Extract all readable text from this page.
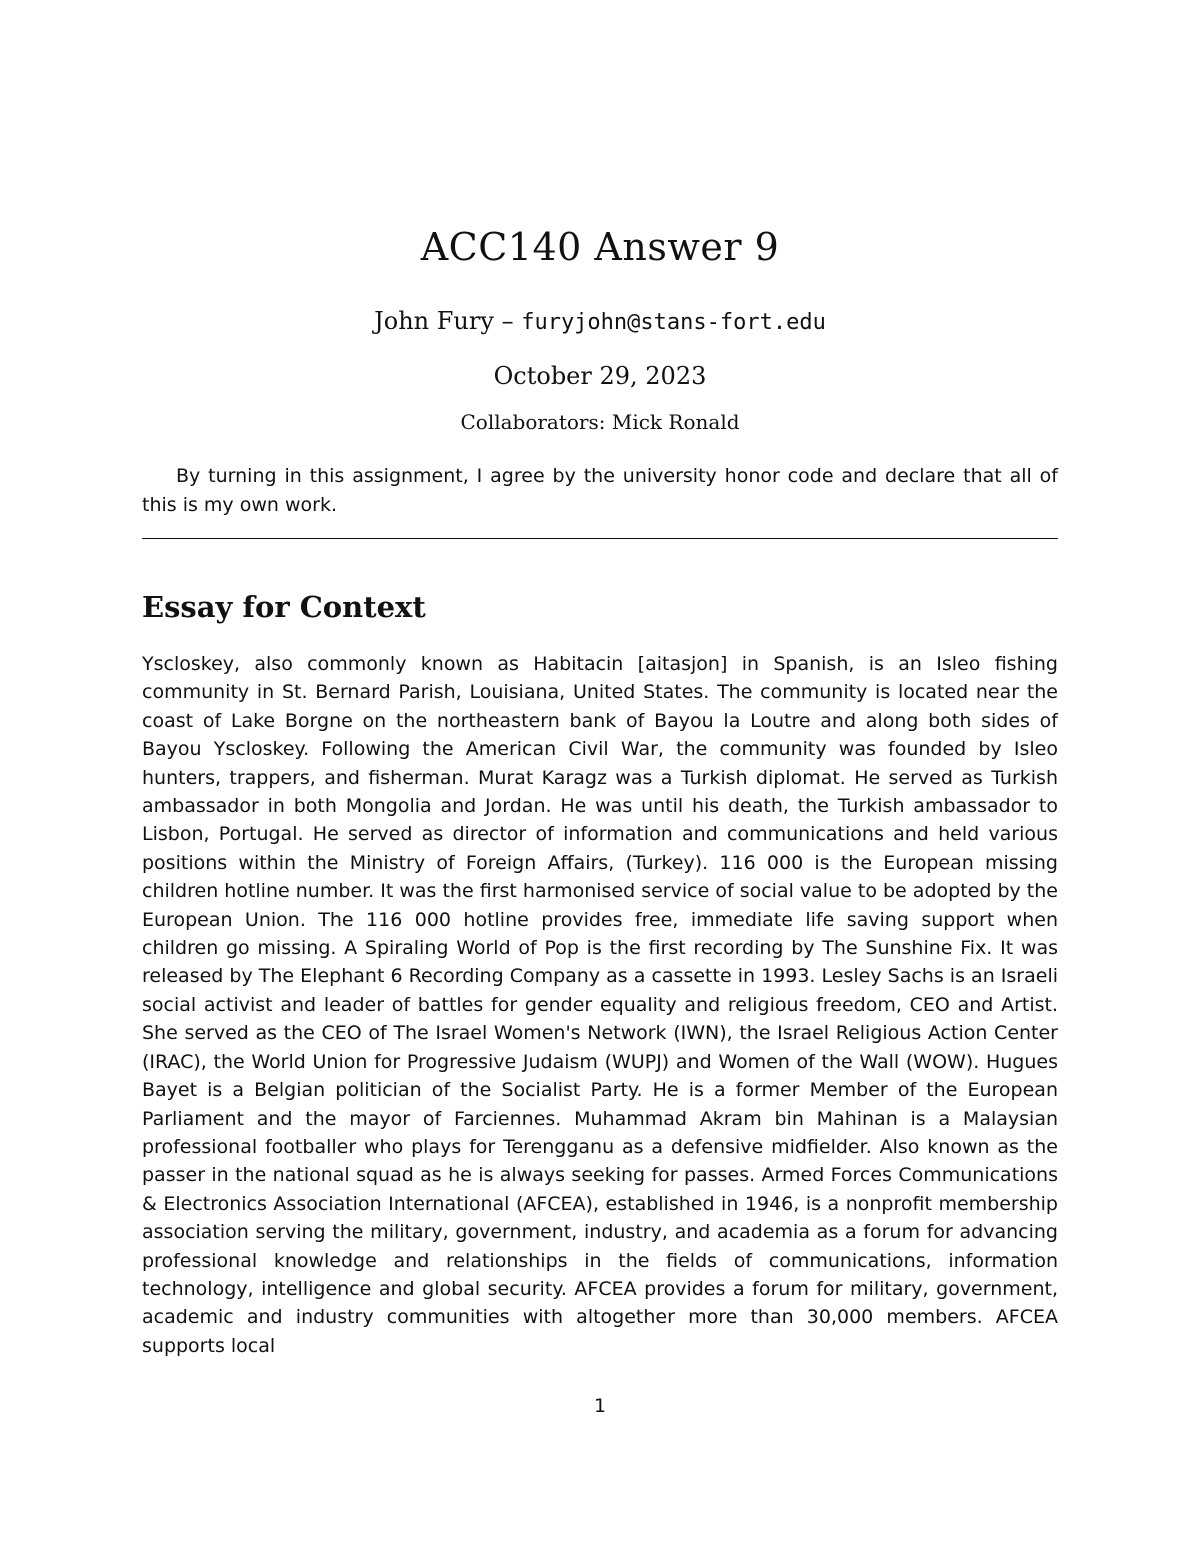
ACC140 Answer 9
John Fury – furyjohn@stans-fort.edu
October 29, 2023
Collaborators: Mick Ronald

By turning in this assignment, I agree by the university honor code and declare that all of this is my own work.

Essay for Context

Yscloskey, also commonly known as Habitacin [aitasjon] in Spanish, is an Isleo fishing community in St. Bernard Parish, Louisiana, United States. The community is located near the coast of Lake Borgne on the northeastern bank of Bayou la Loutre and along both sides of Bayou Yscloskey. Following the American Civil War, the community was founded by Isleo hunters, trappers, and fisherman. Murat Karagz was a Turkish diplomat. He served as Turkish ambassador in both Mongolia and Jordan. He was until his death, the Turkish ambassador to Lisbon, Portugal. He served as director of information and communications and held various positions within the Ministry of Foreign Affairs, (Turkey). 116 000 is the European missing children hotline number. It was the first harmonised service of social value to be adopted by the European Union. The 116 000 hotline provides free, immediate life saving support when children go missing. A Spiraling World of Pop is the first recording by The Sunshine Fix. It was released by The Elephant 6 Recording Company as a cassette in 1993. Lesley Sachs is an Israeli social activist and leader of battles for gender equality and religious freedom, CEO and Artist. She served as the CEO of The Israel Women's Network (IWN), the Israel Religious Action Center (IRAC), the World Union for Progressive Judaism (WUPJ) and Women of the Wall (WOW). Hugues Bayet is a Belgian politician of the Socialist Party. He is a former Member of the European Parliament and the mayor of Farciennes. Muhammad Akram bin Mahinan is a Malaysian professional footballer who plays for Terengganu as a defensive midfielder. Also known as the passer in the national squad as he is always seeking for passes. Armed Forces Communications & Electronics Association International (AFCEA), established in 1946, is a nonprofit membership association serving the military, government, industry, and academia as a forum for advancing professional knowledge and relationships in the fields of communications, information technology, intelligence and global security. AFCEA provides a forum for military, government, academic and industry communities with altogether more than 30,000 members. AFCEA supports local

1
